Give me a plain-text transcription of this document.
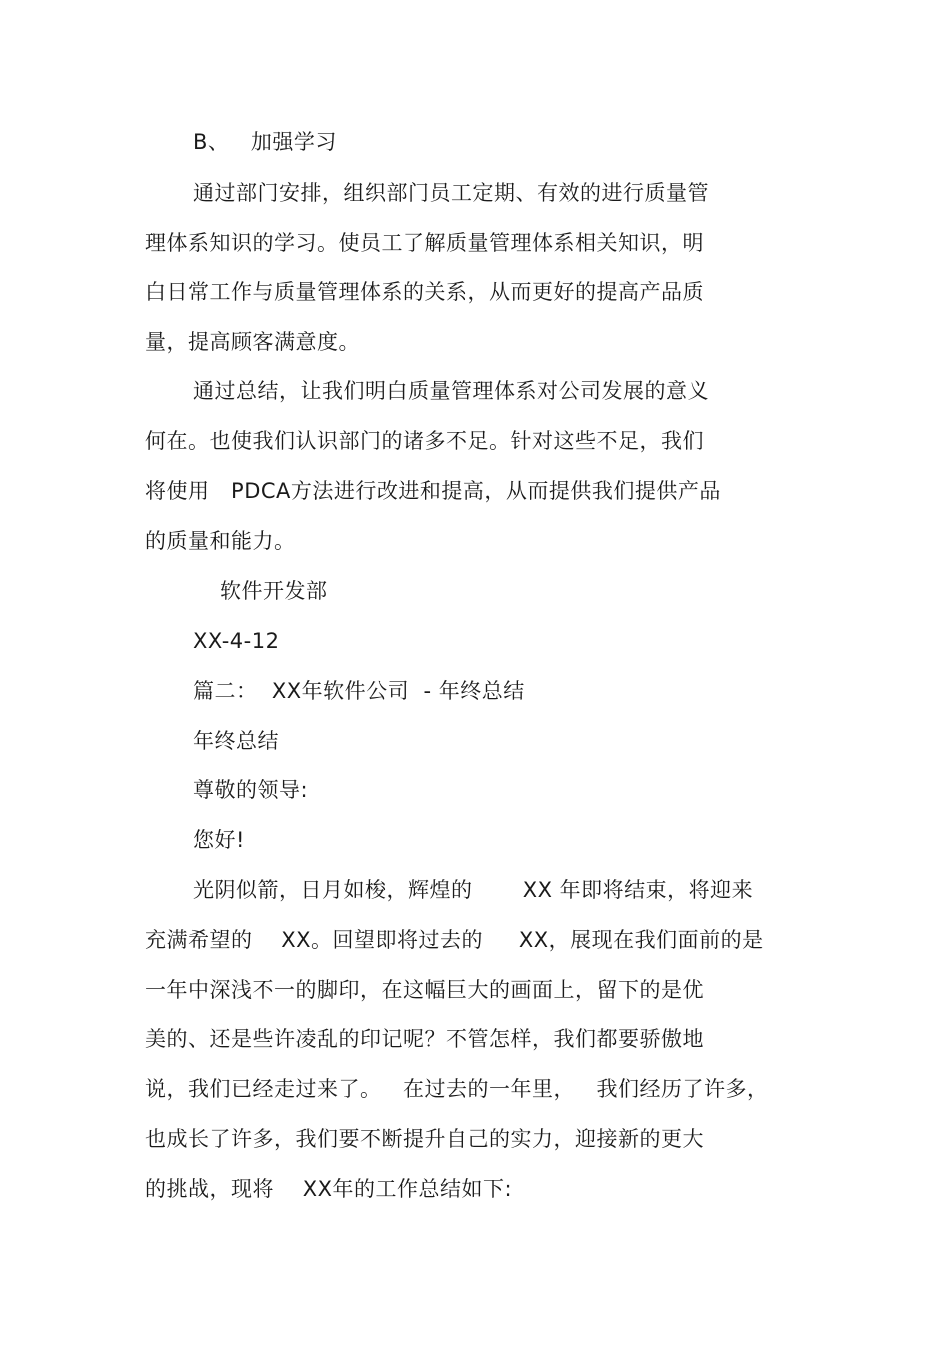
B、   加强学习
通过部门安排，组织部门员工定期、有效的进行质量管
理体系知识的学习。使员工了解质量管理体系相关知识，明
白日常工作与质量管理体系的关系，从而更好的提高产品质
量，提高顾客满意度。
通过总结，让我们明白质量管理体系对公司发展的意义
何在。也使我们认识部门的诸多不足。针对这些不足，我们
将使用   PDCA方法进行改进和提高，从而提供我们提供产品
的质量和能力。
软件开发部
XX-4-12
篇二：  XX年软件公司  - 年终总结
年终总结
尊敬的领导:
您好!
光阴似箭，日月如梭，辉煌的       XX 年即将结束，将迎来
充满希望的    XX。回望即将过去的     XX，展现在我们面前的是
一年中深浅不一的脚印，在这幅巨大的画面上，留下的是优
美的、还是些许凌乱的印记呢？不管怎样，我们都要骄傲地
说，我们已经走过来了。   在过去的一年里，   我们经历了许多，
也成长了许多，我们要不断提升自己的实力，迎接新的更大
的挑战，现将    XX年的工作总结如下:
